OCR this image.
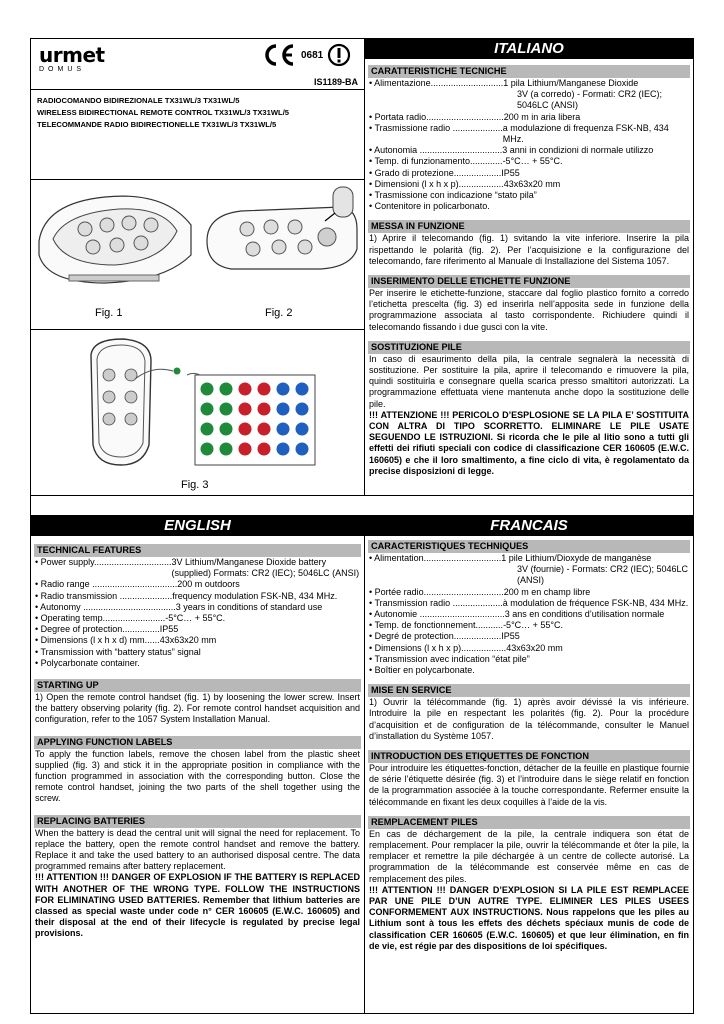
urmet
DOMUS
0681
IS1189-BA
RADIOCOMANDO BIDIREZIONALE TX31WL/3 TX31WL/5
WIRELESS BIDIRECTIONAL REMOTE CONTROL TX31WL/3 TX31WL/5
TELECOMMANDE RADIO BIDIRECTIONELLE TX31WL/3 TX31WL/5
Fig. 1	Fig. 2
Fig. 3
ITALIANO
CARATTERISTICHE TECNICHE
• Alimentazione............................. 1 pila Lithium/Manganese Dioxide
3V (a corredo) - Formati: CR2 (IEC); 5046LC (ANSI)
• Portata radio............................... 200 m in aria libera
• Trasmissione radio .................... a modulazione di frequenza FSK-NB, 434 MHz.
• Autonomia ................................. 3 anni in condizioni di normale utilizzo
• Temp. di funzionamento............. -5°C… + 55°C.
• Grado di protezione................... IP55
• Dimensioni (l x h x p).................. 43x63x20 mm
• Trasmissione con indicazione “stato pila”
• Contenitore in policarbonato.
MESSA IN FUNZIONE
1) Aprire il telecomando (fig. 1) svitando la vite inferiore. Inserire la pila rispettando le polarità (fig. 2). Per l’acquisizione e la configurazione del telecomando, fare riferimento al Manuale di Installazione del Sistema 1057.
INSERIMENTO DELLE ETICHETTE FUNZIONE
Per inserire le etichette-funzione, staccare dal foglio plastico fornito a corredo l’etichetta prescelta (fig. 3) ed inserirla nell’apposita sede in funzione della programmazione associata al tasto corrispondente. Richiudere quindi il telecomando fissando i due gusci con la vite.
SOSTITUZIONE PILE
In caso di esaurimento della pila, la centrale segnalerà la necessità di sostituzione. Per sostituire la pila, aprire il telecomando e rimuovere la pila, quindi sostituirla e consegnare quella scarica presso smaltitori autorizzati. La programmazione effettuata viene mantenuta anche dopo la sostituzione delle pile.
!!! ATTENZIONE !!! PERICOLO D’ESPLOSIONE SE LA PILA E’ SOSTITUITA CON ALTRA DI TIPO SCORRETTO. ELIMINARE LE PILE USATE SEGUENDO LE ISTRUZIONI. Si ricorda che le pile al litio sono a tutti gli effetti dei rifiuti speciali con codice di classificazione CER 160605 (E.W.C. 160605) e che il loro smaltimento, a fine ciclo di vita, è regolamentato da precise disposizioni di legge.
ENGLISH
TECHNICAL FEATURES
• Power supply............................... 3V Lithium/Manganese Dioxide battery (supplied) Formats: CR2 (IEC); 5046LC (ANSI)
• Radio range .................................. 200 m outdoors
• Radio transmission ..................... frequency modulation FSK-NB, 434 MHz.
• Autonomy ..................................... 3 years in conditions of standard use
• Operating temp......................... -5°C… + 55°C.
• Degree of protection............... IP55
• Dimensions (l x h x d) mm...... 43x63x20 mm
• Transmission with “battery status” signal
• Polycarbonate container.
STARTING UP
1) Open the remote control handset (fig. 1) by loosening the lower screw. Insert the battery observing polarity (fig. 2). For remote control handset acquisition and configuration, refer to the 1057 System Installation Manual.
APPLYING FUNCTION LABELS
To apply the function labels, remove the chosen label from the plastic sheet supplied (fig. 3) and stick it in the appropriate position in compliance with the function programmed in association with the corresponding button. Close the remote control handset, joining the two parts of the shell together using the screw.
REPLACING BATTERIES
When the battery is dead the central unit will signal the need for replacement. To replace the battery, open the remote control handset and remove the battery. Replace it and take the used battery to an authorised disposal centre. The data programmed remains after battery replacement.
!!! ATTENTION !!! DANGER OF EXPLOSION IF THE BATTERY IS REPLACED WITH ANOTHER OF THE WRONG TYPE. FOLLOW THE INSTRUCTIONS FOR ELIMINATING USED BATTERIES. Remember that lithium batteries are classed as special waste under code n° CER 160605 (E.W.C. 160605) and their disposal at the end of their lifecycle is regulated by precise legal provisions.
FRANCAIS
CARACTERISTIQUES TECHNIQUES
• Alimentation............................... 1 pile Lithium/Dioxyde de manganèse
3V (fournie) - Formats: CR2 (IEC); 5046LC (ANSI)
• Portée radio................................ 200 m en champ libre
• Transmission radio .................... à modulation de fréquence FSK-NB, 434 MHz.
• Autonomie .................................. 3 ans en conditions d’utilisation normale
• Temp. de fonctionnement........... -5°C… + 55°C.
• Degré de protection................... IP55
• Dimensions (l x h x p).................. 43x63x20 mm
• Transmission avec indication “état pile”
• Boîtier en polycarbonate.
MISE EN SERVICE
1) Ouvrir la télécommande (fig. 1) après avoir dévissé la vis inférieure. Introduire la pile en respectant les polarités (fig. 2). Pour la procédure d’acquisition et de configuration de la télécommande, consulter le Manuel d’installation du Système 1057.
INTRODUCTION DES ETIQUETTES DE FONCTION
Pour introduire les étiquettes-fonction, détacher de la feuille en plastique fournie de série l’étiquette désirée (fig. 3) et l’introduire dans le siège relatif en fonction de la programmation associée à la touche correspondante. Refermer ensuite la télécommande en fixant les deux coquilles à l’aide de la vis.
REMPLACEMENT PILES
En cas de déchargement de la pile, la centrale indiquera son état de remplacement. Pour remplacer la pile, ouvrir la télécommande et ôter la pile, la remplacer et remettre la pile déchargée à un centre de collecte autorisé. La programmation de la télécommande est conservée même en cas de remplacement des piles.
!!! ATTENTION !!! DANGER D’EXPLOSION SI LA PILE EST REMPLACEE PAR UNE PILE D’UN AUTRE TYPE. ELIMINER LES PILES USEES CONFORMEMENT AUX INSTRUCTIONS. Nous rappelons que les piles au Lithium sont à tous les effets des déchets spéciaux munis de code de classification CER 160605 (E.W.C. 160605) et que leur élimination, en fin de vie, est régie par des dispositions de loi spécifiques.
